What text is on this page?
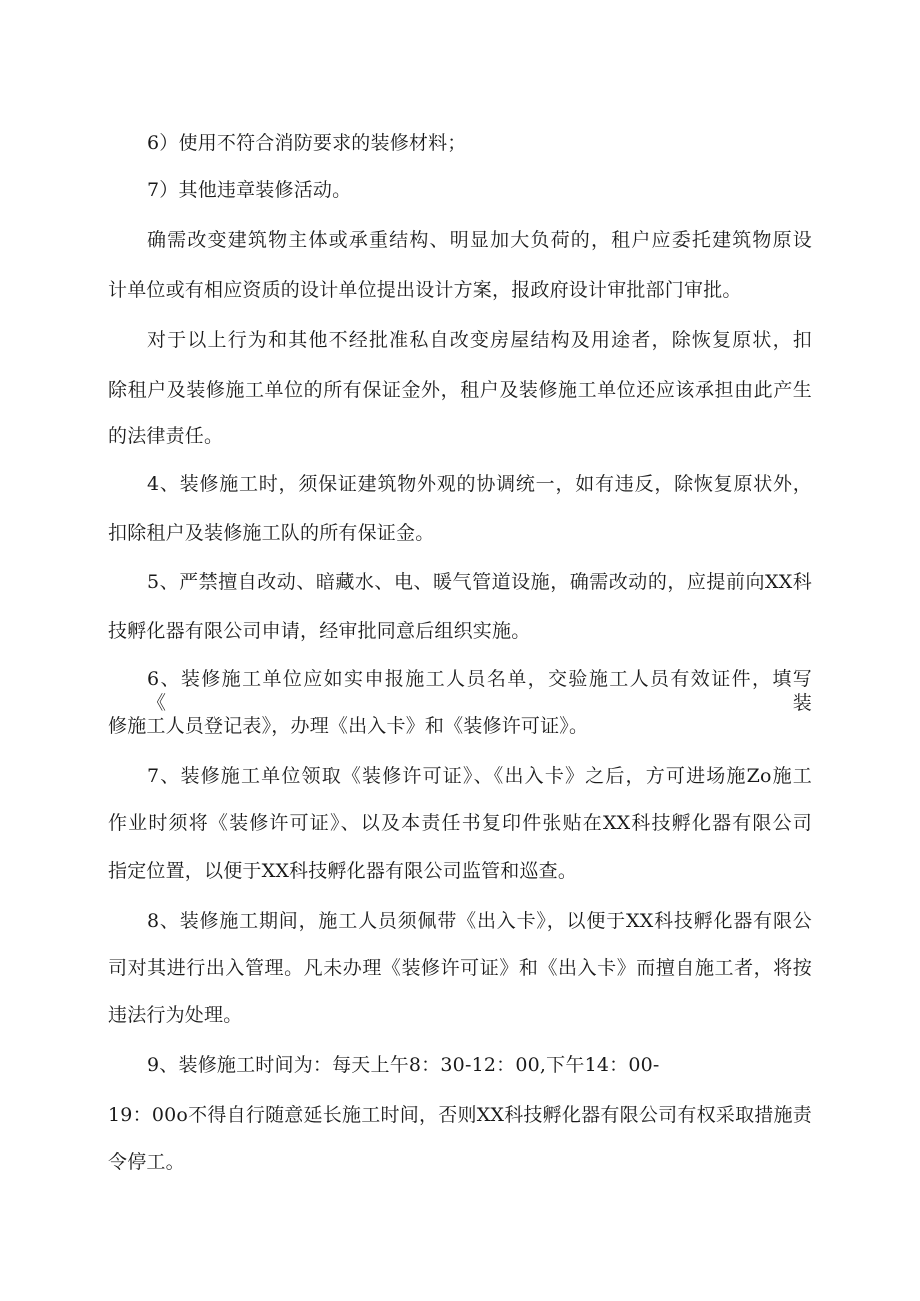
6）使用不符合消防要求的装修材料；
7）其他违章装修活动。
确需改变建筑物主体或承重结构、明显加大负荷的，租户应委托建筑物原设
计单位或有相应资质的设计单位提出设计方案，报政府设计审批部门审批。
对于以上行为和其他不经批准私自改变房屋结构及用途者，除恢复原状，扣
除租户及装修施工单位的所有保证金外，租户及装修施工单位还应该承担由此产生
的法律责任。
4、装修施工时，须保证建筑物外观的协调统一，如有违反，除恢复原状外，
扣除租户及装修施工队的所有保证金。
5、严禁擅自改动、暗藏水、电、暖气管道设施，确需改动的，应提前向XX科
技孵化器有限公司申请，经审批同意后组织实施。
6、装修施工单位应如实申报施工人员名单，交验施工人员有效证件，填写《装
修施工人员登记表》，办理《出入卡》和《装修许可证》。
7、装修施工单位领取《装修许可证》、《出入卡》之后，方可进场施Zo施工
作业时须将《装修许可证》、以及本责任书复印件张贴在XX科技孵化器有限公司
指定位置，以便于XX科技孵化器有限公司监管和巡查。
8、装修施工期间，施工人员须佩带《出入卡》，以便于XX科技孵化器有限公
司对其进行出入管理。凡未办理《装修许可证》和《出入卡》而擅自施工者，将按
违法行为处理。
9、装修施工时间为：每天上午8：30-12：00,下午14：00-
19：00o不得自行随意延长施工时间，否则XX科技孵化器有限公司有权采取措施责
令停工。
